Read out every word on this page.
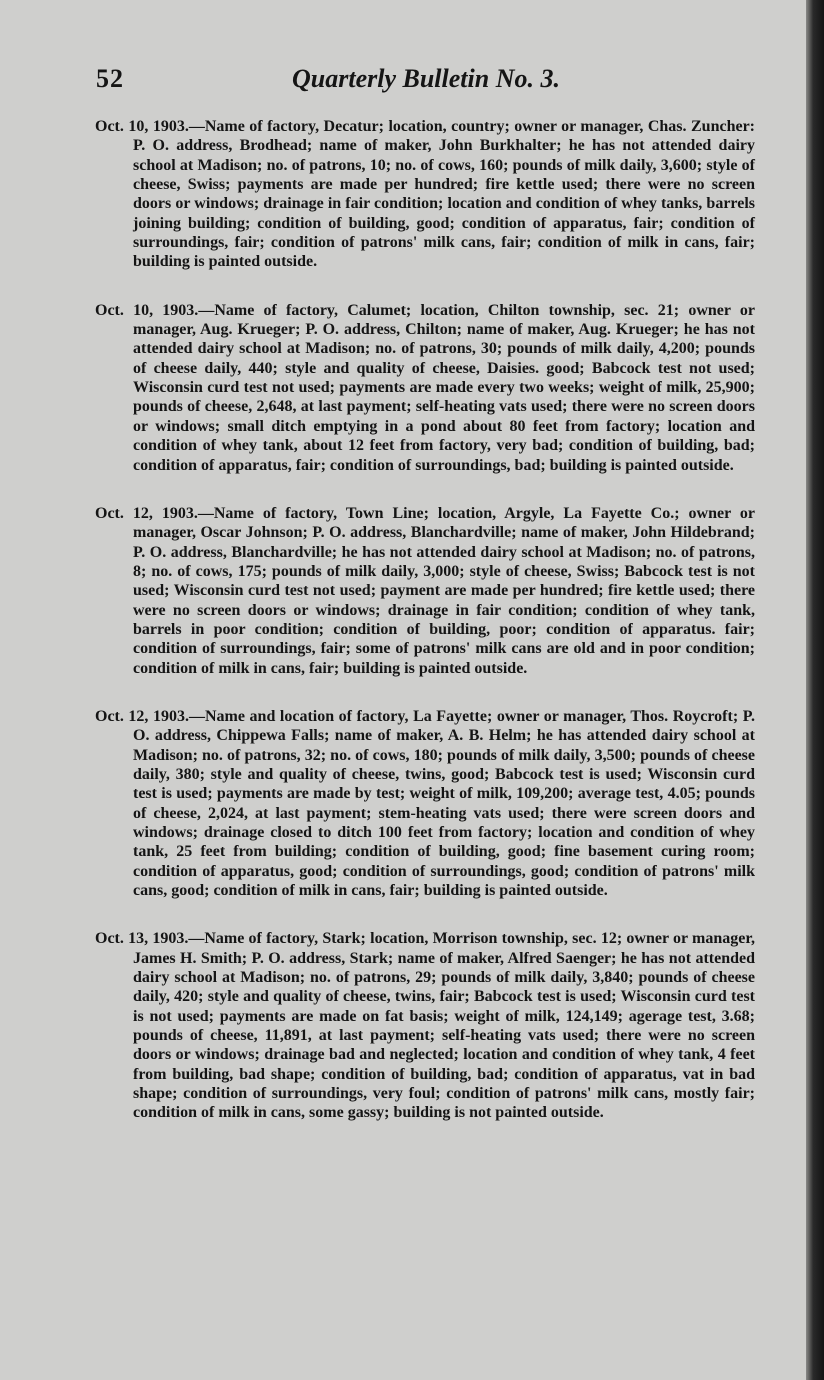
52	Quarterly Bulletin No. 3.

Oct. 10, 1903.—Name of factory, Decatur; location, country; owner or manager, Chas. Zuncher: P. O. address, Brodhead; name of maker, John Burkhalter; he has not attended dairy school at Madison; no. of patrons, 10; no. of cows, 160; pounds of milk daily, 3,600; style of cheese, Swiss; payments are made per hundred; fire kettle used; there were no screen doors or windows; drainage in fair condition; location and condition of whey tanks, barrels joining building; condition of building, good; condition of apparatus, fair; condition of surroundings, fair; condition of patrons' milk cans, fair; condition of milk in cans, fair; building is painted outside.

Oct. 10, 1903.—Name of factory, Calumet; location, Chilton township, sec. 21; owner or manager, Aug. Krueger; P. O. address, Chilton; name of maker, Aug. Krueger; he has not attended dairy school at Madison; no. of patrons, 30; pounds of milk daily, 4,200; pounds of cheese daily, 440; style and quality of cheese, Daisies. good; Babcock test not used; Wisconsin curd test not used; payments are made every two weeks; weight of milk, 25,900; pounds of cheese, 2,648, at last payment; self-heating vats used; there were no screen doors or windows; small ditch emptying in a pond about 80 feet from factory; location and condition of whey tank, about 12 feet from factory, very bad; condition of building, bad; condition of apparatus, fair; condition of surroundings, bad; building is painted outside.

Oct. 12, 1903.—Name of factory, Town Line; location, Argyle, La Fayette Co.; owner or manager, Oscar Johnson; P. O. address, Blanchardville; name of maker, John Hildebrand; P. O. address, Blanchardville; he has not attended dairy school at Madison; no. of patrons, 8; no. of cows, 175; pounds of milk daily, 3,000; style of cheese, Swiss; Babcock test is not used; Wisconsin curd test not used; payment are made per hundred; fire kettle used; there were no screen doors or windows; drainage in fair condition; condition of whey tank, barrels in poor condition; condition of building, poor; condition of apparatus. fair; condition of surroundings, fair; some of patrons' milk cans are old and in poor condition; condition of milk in cans, fair; building is painted outside.

Oct. 12, 1903.—Name and location of factory, La Fayette; owner or manager, Thos. Roycroft; P. O. address, Chippewa Falls; name of maker, A. B. Helm; he has attended dairy school at Madison; no. of patrons, 32; no. of cows, 180; pounds of milk daily, 3,500; pounds of cheese daily, 380; style and quality of cheese, twins, good; Babcock test is used; Wisconsin curd test is used; payments are made by test; weight of milk, 109,200; average test, 4.05; pounds of cheese, 2,024, at last payment; stem-heating vats used; there were screen doors and windows; drainage closed to ditch 100 feet from factory; location and condition of whey tank, 25 feet from building; condition of building, good; fine basement curing room; condition of apparatus, good; condition of surroundings, good; condition of patrons' milk cans, good; condition of milk in cans, fair; building is painted outside.

Oct. 13, 1903.—Name of factory, Stark; location, Morrison township, sec. 12; owner or manager, James H. Smith; P. O. address, Stark; name of maker, Alfred Saenger; he has not attended dairy school at Madison; no. of patrons, 29; pounds of milk daily, 3,840; pounds of cheese daily, 420; style and quality of cheese, twins, fair; Babcock test is used; Wisconsin curd test is not used; payments are made on fat basis; weight of milk, 124,149; agerage test, 3.68; pounds of cheese, 11,891, at last payment; self-heating vats used; there were no screen doors or windows; drainage bad and neglected; location and condition of whey tank, 4 feet from building, bad shape; condition of building, bad; condition of apparatus, vat in bad shape; condition of surroundings, very foul; condition of patrons' milk cans, mostly fair; condition of milk in cans, some gassy; building is not painted outside.
